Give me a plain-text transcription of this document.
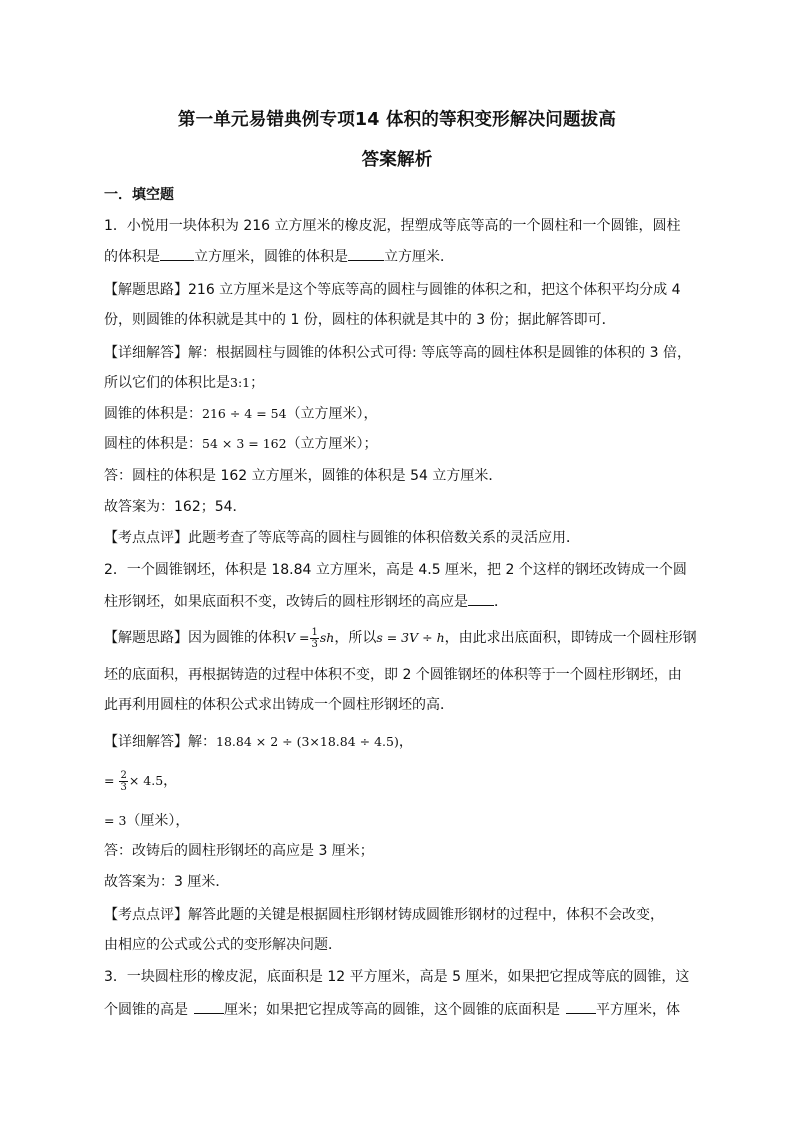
第一单元易错典例专项14 体积的等积变形解决问题拔高
答案解析
一．填空题
1．小悦用一块体积为 216 立方厘米的橡皮泥，捏塑成等底等高的一个圆柱和一个圆锥，圆柱
的体积是 立方厘米，圆锥的体积是	立方厘米．
【解题思路】216 立方厘米是这个等底等高的圆柱与圆锥的体积之和，把这个体积平均分成 4
份，则圆锥的体积就是其中的 1 份，圆柱的体积就是其中的 3 份；据此解答即可．
【详细解答】解：根据圆柱与圆锥的体积公式可得: 等底等高的圆柱体积是圆锥的体积的 3 倍，
所以它们的体积比是3:1；
圆锥的体积是：216 ÷ 4 = 54（立方厘米），
圆柱的体积是：54 × 3 = 162（立方厘米）；
答：圆柱的体积是 162 立方厘米，圆锥的体积是 54 立方厘米．
故答案为：162；54．
【考点点评】此题考查了等底等高的圆柱与圆锥的体积倍数关系的灵活应用．
2．一个圆锥钢坯，体积是 18.84 立方厘米，高是 4.5 厘米，把 2 个这样的钢坯改铸成一个圆
柱形钢坯，如果底面积不变，改铸后的圆柱形钢坯的高应是 ．
【解题思路】因为圆锥的体积$V = \frac{1}{3}$ sh，所以s = 3V ÷ h，由此求出底面积，即铸成一个圆柱形钢
坯的底面积，再根据铸造的过程中体积不变，即 2 个圆锥钢坯的体积等于一个圆柱形钢坯，由
此再利用圆柱的体积公式求出铸成一个圆柱形钢坯的高．
【详细解答】解：18.84 × 2 ÷ (3×18.84 ÷ 4.5)，
= $\frac{2}{3} \times 4.5$，
= 3（厘米），
答：改铸后的圆柱形钢坯的高应是 3 厘米；
故答案为：3 厘米．
【考点点评】解答此题的关键是根据圆柱形钢材铸成圆锥形钢材的过程中，体积不会改变，
由相应的公式或公式的变形解决问题．
3．一块圆柱形的橡皮泥，底面积是 12 平方厘米，高是 5 厘米，如果把它捏成等底的圆锥，这
个圆锥的高是	厘米；如果把它捏成等高的圆锥，这个圆锥的底面积是	平方厘米，体
